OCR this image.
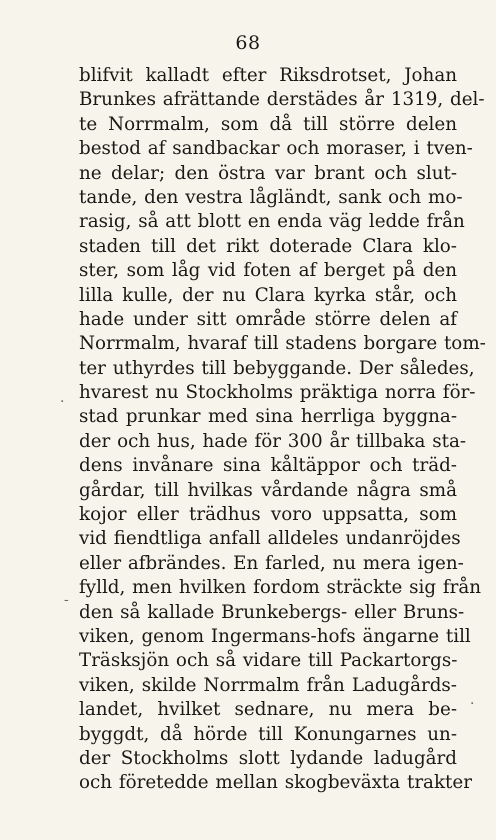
68
blifvit kalladt efter Riksdrotset, Johan
Brunkes afrättande derstädes år 1319, del-
te Norrmalm, som då till större delen
bestod af sandbackar och moraser, i tven-
ne delar; den östra var brant och slut-
tande, den vestra lågländt, sank och mo-
rasig, så att blott en enda väg ledde från
staden till det rikt doterade Clara klo-
ster, som låg vid foten af berget på den
lilla kulle, der nu Clara kyrka står, och
hade under sitt område större delen af
Norrmalm, hvaraf till stadens borgare tom-
ter uthyrdes till bebyggande. Der således,
hvarest nu Stockholms präktiga norra för-
stad prunkar med sina herrliga byggna-
der och hus, hade för 300 år tillbaka sta-
dens invånare sina kåltäppor och träd-
gårdar, till hvilkas vårdande några små
kojor eller trädhus voro uppsatta, som
vid fiendtliga anfall alldeles undanröjdes
eller afbrändes. En farled, nu mera igen-
fylld, men hvilken fordom sträckte sig från
den så kallade Brunkebergs- eller Bruns-
viken, genom Ingermans-hofs ängarne till
Träsksjön och så vidare till Packartorgs-
viken, skilde Norrmalm från Ladugårds-
landet, hvilket sednare, nu mera be-
byggdt, då hörde till Konungarnes un-
der Stockholms slott lydande ladugård
och företedde mellan skogbeväxta trakter
·
-
·
